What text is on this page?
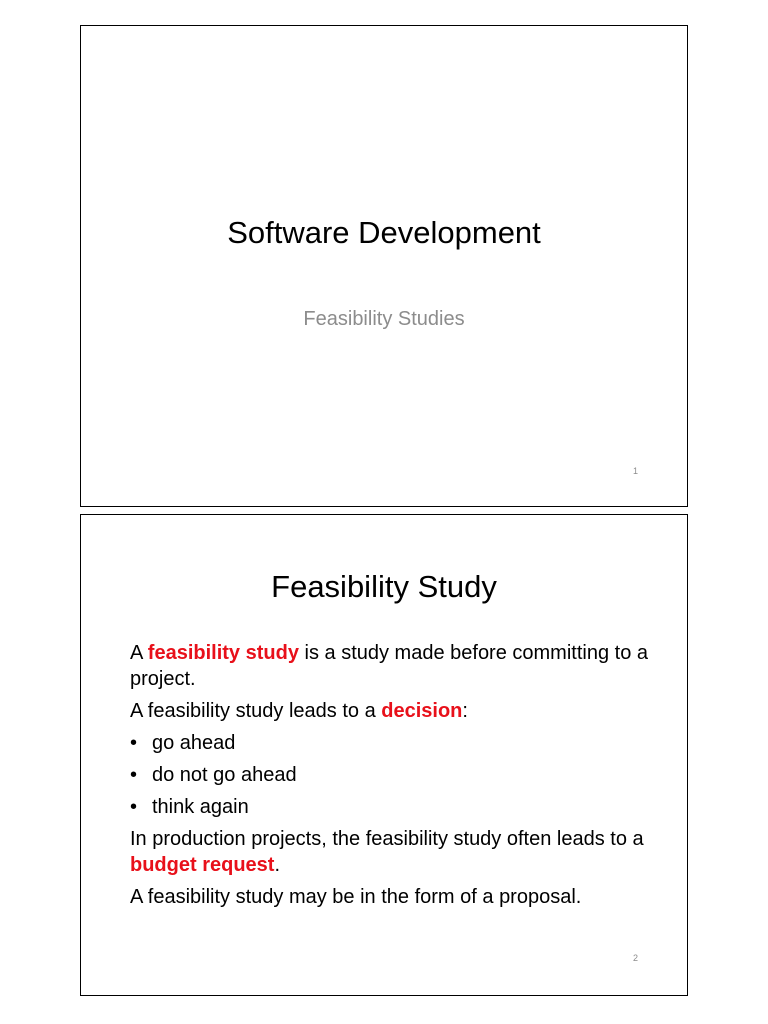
Software Development
Feasibility Studies
1
Feasibility Study

A feasibility study is a study made before committing to a project.

A feasibility study leads to a decision:

• go ahead
• do not go ahead
• think again

In production projects, the feasibility study often leads to a budget request.

A feasibility study may be in the form of a proposal.

2
